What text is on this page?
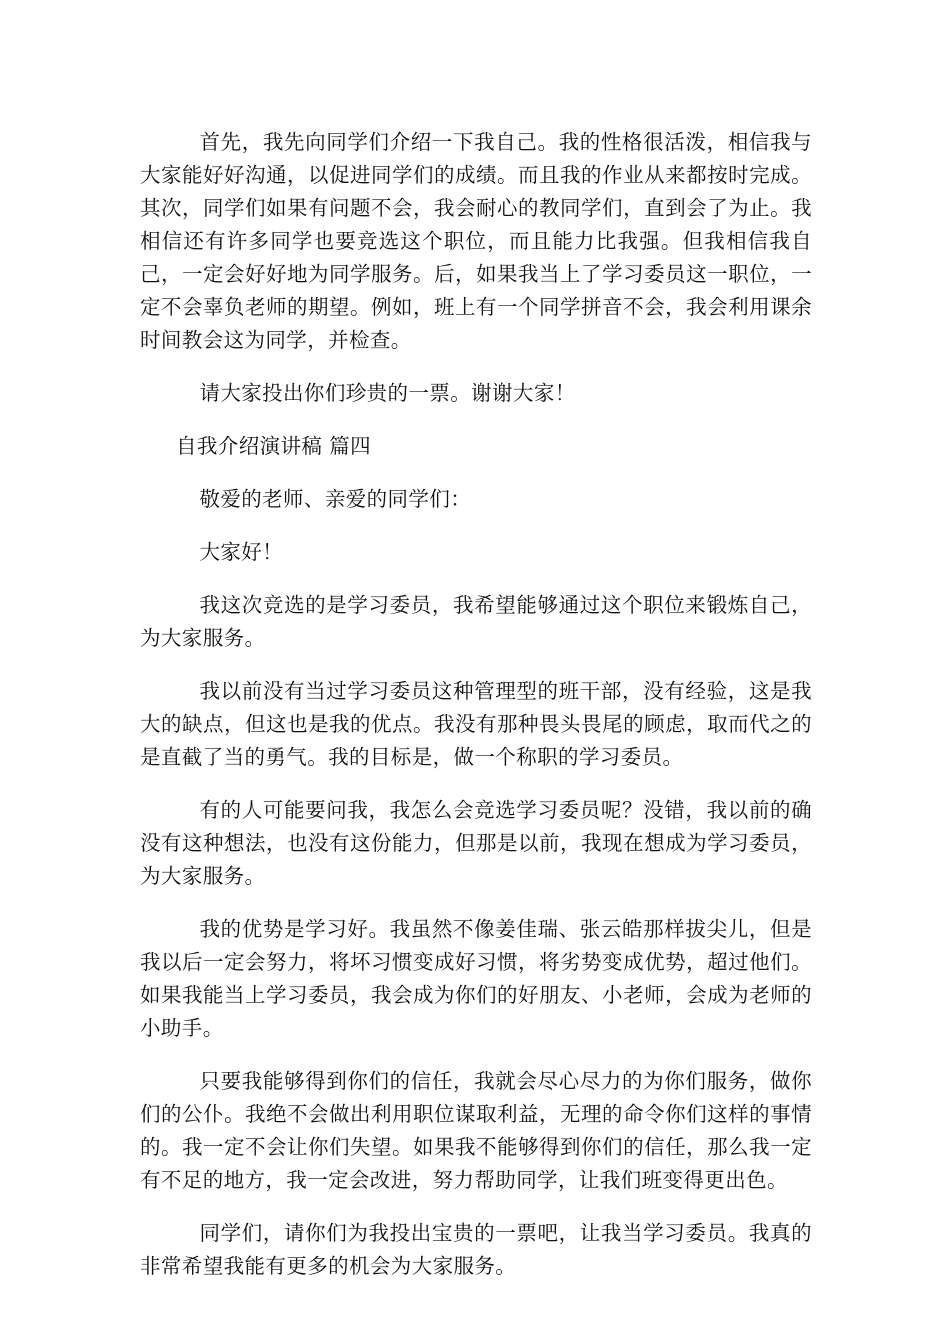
首先，我先向同学们介绍一下我自己。我的性格很活泼，相信我与大家能好好沟通，以促进同学们的成绩。而且我的作业从来都按时完成。其次，同学们如果有问题不会，我会耐心的教同学们，直到会了为止。我相信还有许多同学也要竞选这个职位，而且能力比我强。但我相信我自己，一定会好好地为同学服务。后，如果我当上了学习委员这一职位，一定不会辜负老师的期望。例如，班上有一个同学拼音不会，我会利用课余时间教会这为同学，并检查。

请大家投出你们珍贵的一票。谢谢大家！

自我介绍演讲稿 篇四

敬爱的老师、亲爱的同学们：

大家好！

我这次竞选的是学习委员，我希望能够通过这个职位来锻炼自己，为大家服务。

我以前没有当过学习委员这种管理型的班干部，没有经验，这是我大的缺点，但这也是我的优点。我没有那种畏头畏尾的顾虑，取而代之的是直截了当的勇气。我的目标是，做一个称职的学习委员。

有的人可能要问我，我怎么会竞选学习委员呢？没错，我以前的确没有这种想法，也没有这份能力，但那是以前，我现在想成为学习委员，为大家服务。

我的优势是学习好。我虽然不像姜佳瑞、张云皓那样拔尖儿，但是我以后一定会努力，将坏习惯变成好习惯，将劣势变成优势，超过他们。如果我能当上学习委员，我会成为你们的好朋友、小老师，会成为老师的小助手。

只要我能够得到你们的信任，我就会尽心尽力的为你们服务，做你们的公仆。我绝不会做出利用职位谋取利益，无理的命令你们这样的事情的。我一定不会让你们失望。如果我不能够得到你们的信任，那么我一定有不足的地方，我一定会改进，努力帮助同学，让我们班变得更出色。

同学们，请你们为我投出宝贵的一票吧，让我当学习委员。我真的非常希望我能有更多的机会为大家服务。
